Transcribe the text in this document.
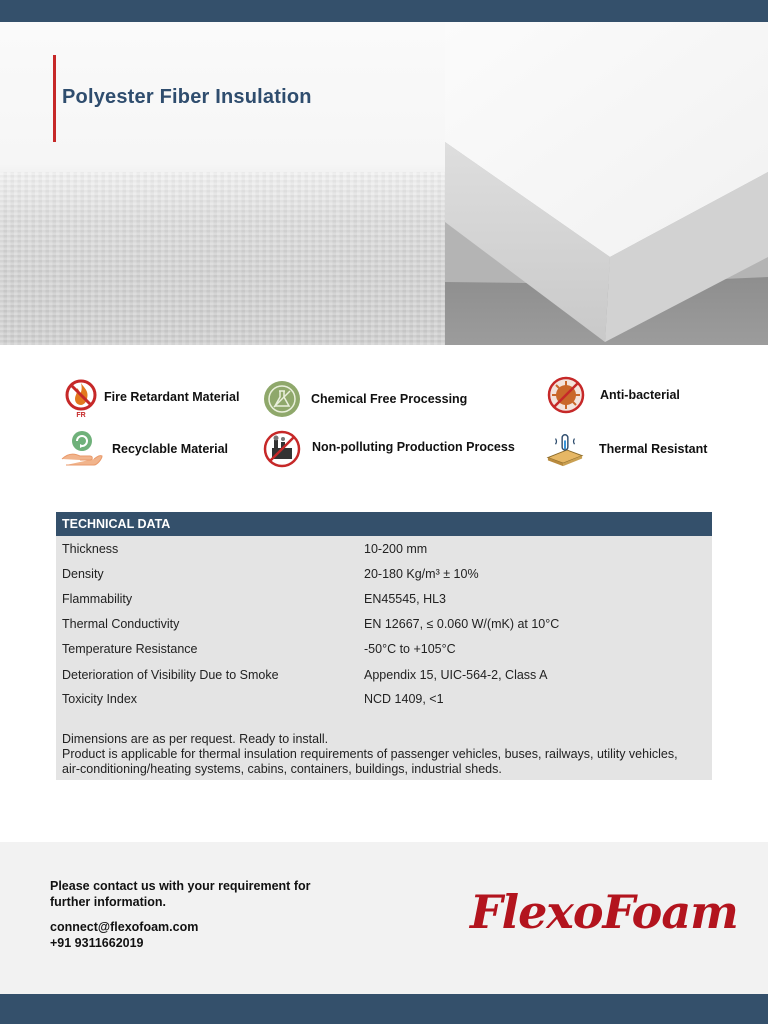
Polyester Fiber Insulation
FR
Fire Retardant Material	Chemical Free Processing	Anti-bacterial
Recyclable Material	Non-polluting Production Process	Thermal Resistant
TECHNICAL DATA
Thickness	10-200 mm
Density	20-180 Kg/m³ ± 10%
Flammability	EN45545, HL3
Thermal Conductivity	EN 12667, ≤ 0.060 W/(mK) at 10°C
Temperature Resistance	-50°C to +105°C
Deterioration of Visibility Due to Smoke	Appendix 15, UIC-564-2, Class A
Toxicity Index	NCD 1409, <1
Dimensions are as per request. Ready to install.
Product is applicable for thermal insulation requirements of passenger vehicles, buses, railways, utility vehicles,
air-conditioning/heating systems, cabins, containers, buildings, industrial sheds.
Please contact us with your requirement for
further information.
connect@flexofoam.com
+91 9311662019
FlexoFoam
